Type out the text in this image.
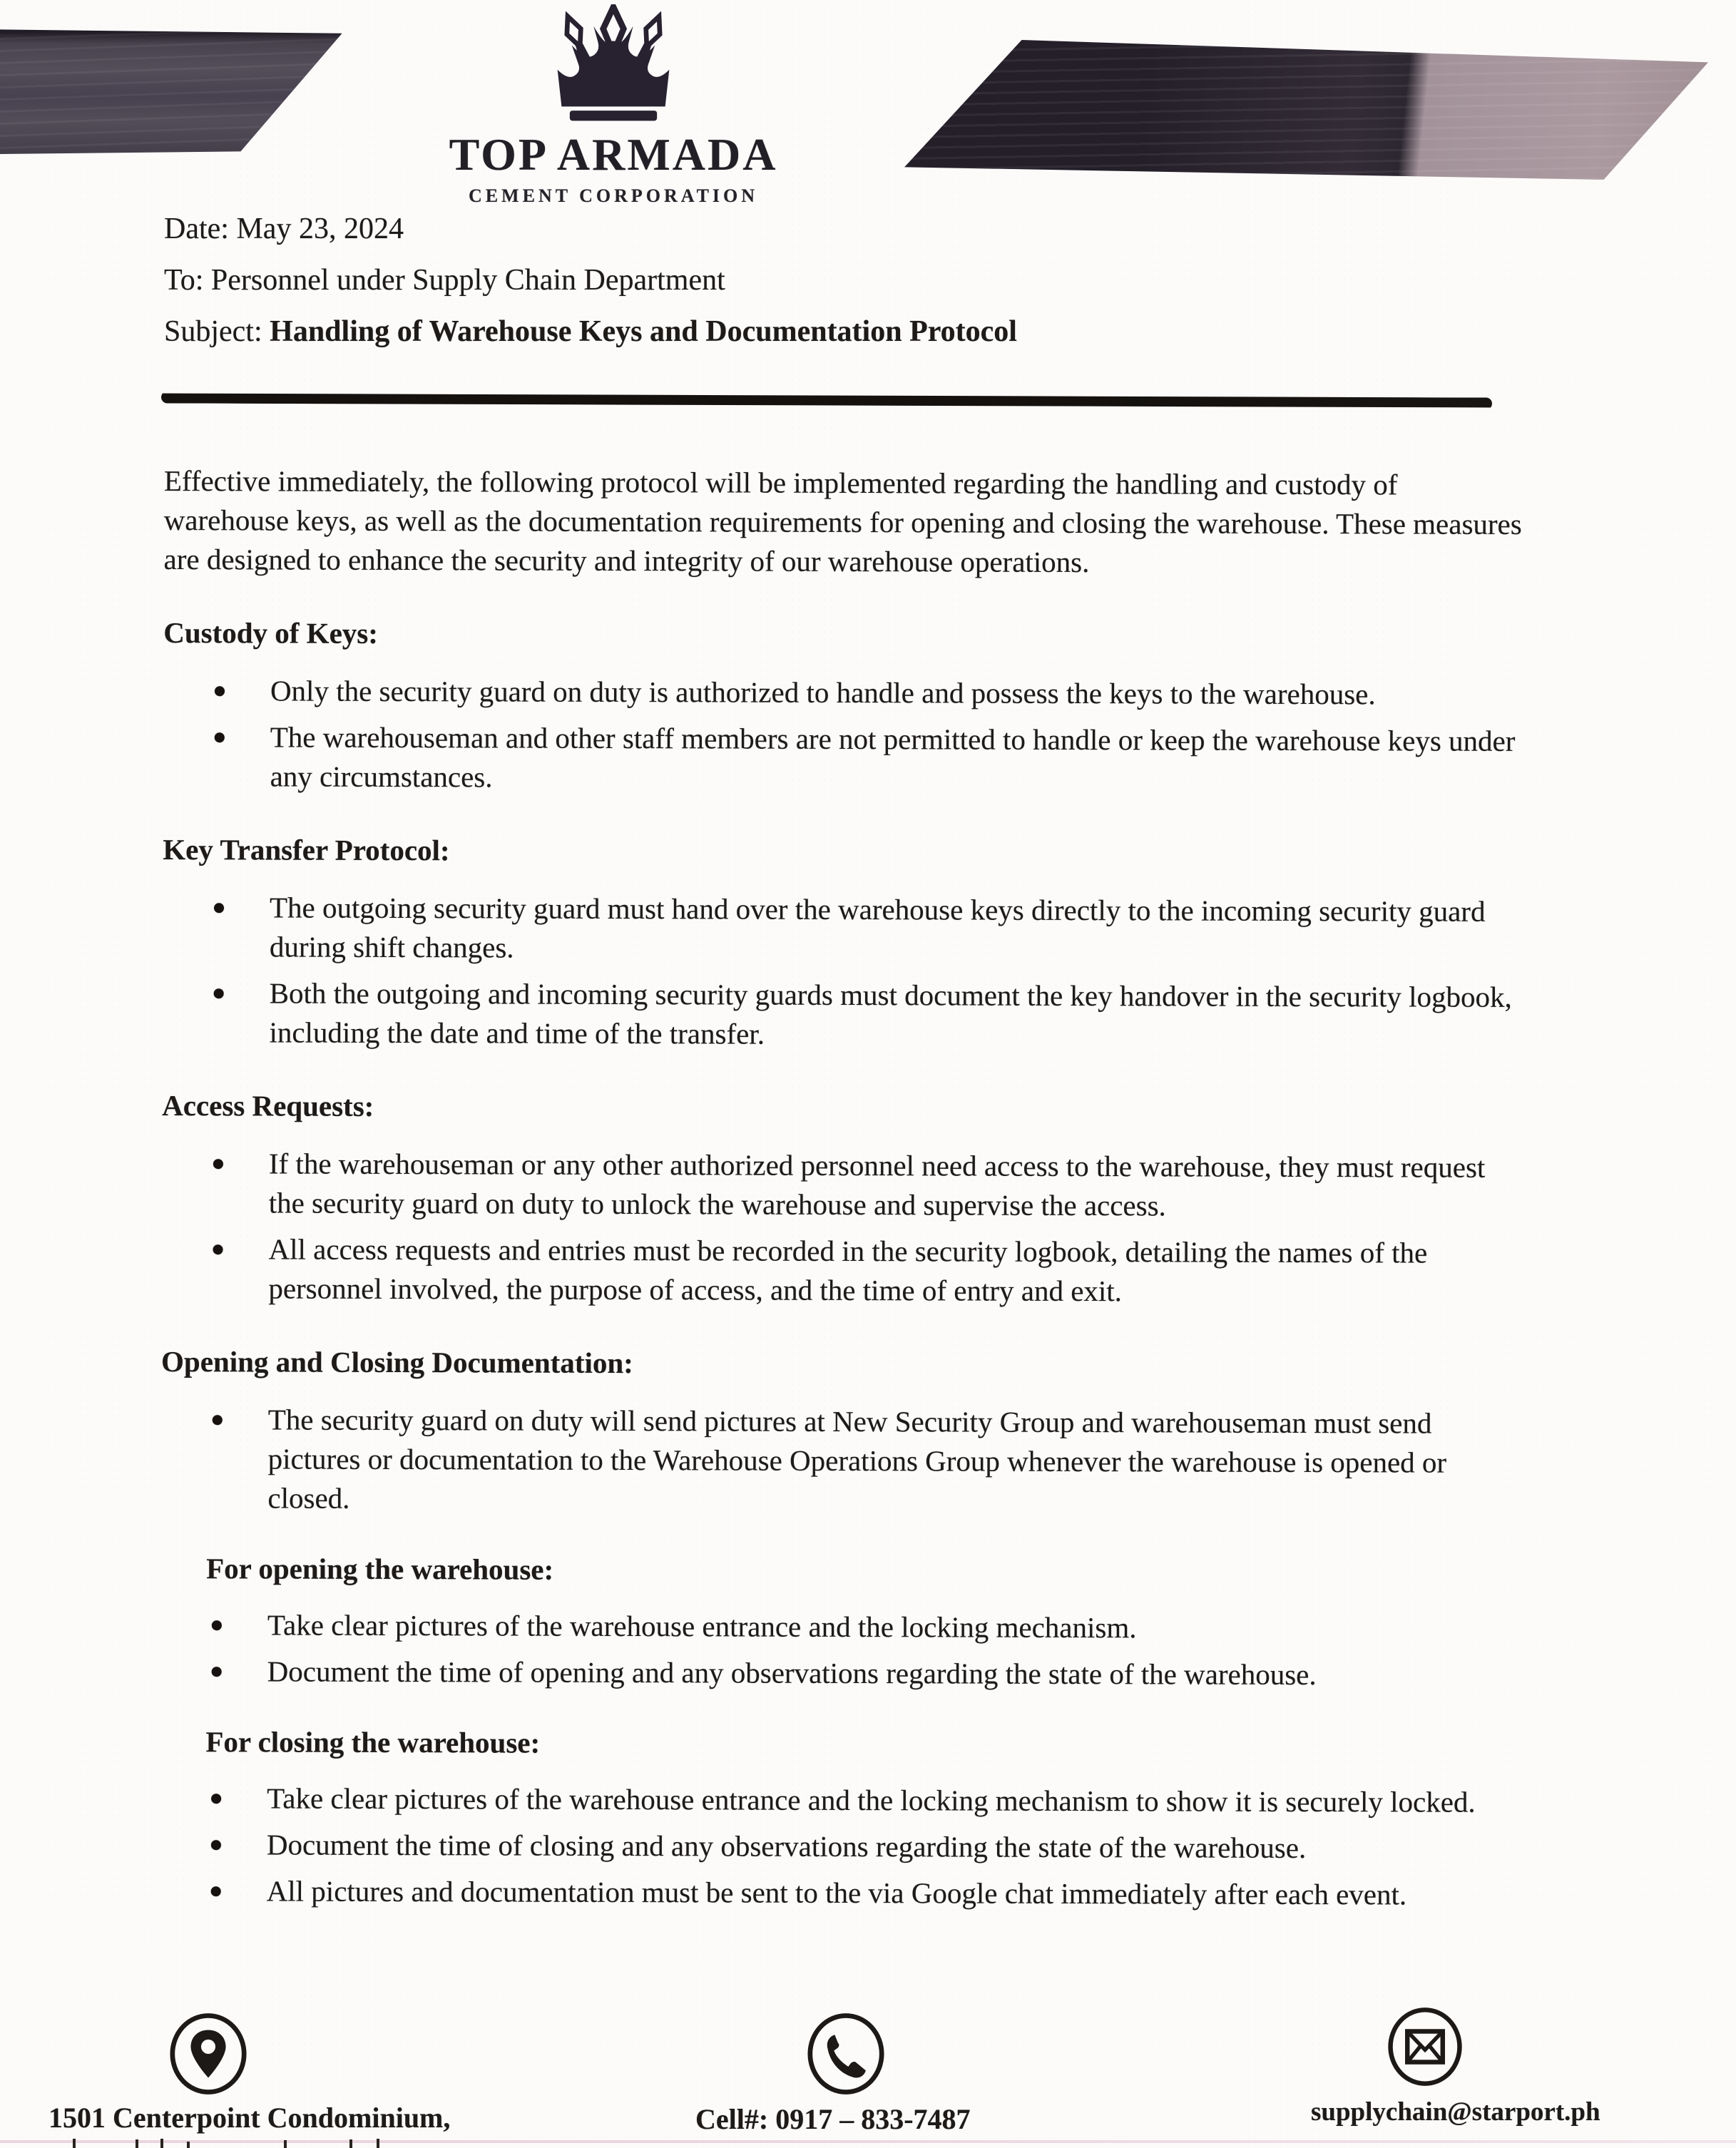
TOP ARMADA
CEMENT CORPORATION
Date: May 23, 2024
To: Personnel under Supply Chain Department
Subject: Handling of Warehouse Keys and Documentation Protocol

Effective immediately, the following protocol will be implemented regarding the handling and custody of warehouse keys, as well as the documentation requirements for opening and closing the warehouse. These measures are designed to enhance the security and integrity of our warehouse operations.

Custody of Keys:
Only the security guard on duty is authorized to handle and possess the keys to the warehouse.
The warehouseman and other staff members are not permitted to handle or keep the warehouse keys under any circumstances.
Key Transfer Protocol:
The outgoing security guard must hand over the warehouse keys directly to the incoming security guard during shift changes.
Both the outgoing and incoming security guards must document the key handover in the security logbook, including the date and time of the transfer.
Access Requests:
If the warehouseman or any other authorized personnel need access to the warehouse, they must request the security guard on duty to unlock the warehouse and supervise the access.
All access requests and entries must be recorded in the security logbook, detailing the names of the personnel involved, the purpose of access, and the time of entry and exit.
Opening and Closing Documentation:
The security guard on duty will send pictures at New Security Group and warehouseman must send pictures or documentation to the Warehouse Operations Group whenever the warehouse is opened or closed.
For opening the warehouse:
Take clear pictures of the warehouse entrance and the locking mechanism.
Document the time of opening and any observations regarding the state of the warehouse.
For closing the warehouse:
Take clear pictures of the warehouse entrance and the locking mechanism to show it is securely locked.
Document the time of closing and any observations regarding the state of the warehouse.
All pictures and documentation must be sent to the via Google chat immediately after each event.
1501 Centerpoint Condominium,	Cell#: 0917 – 833-7487	supplychain@starport.ph
